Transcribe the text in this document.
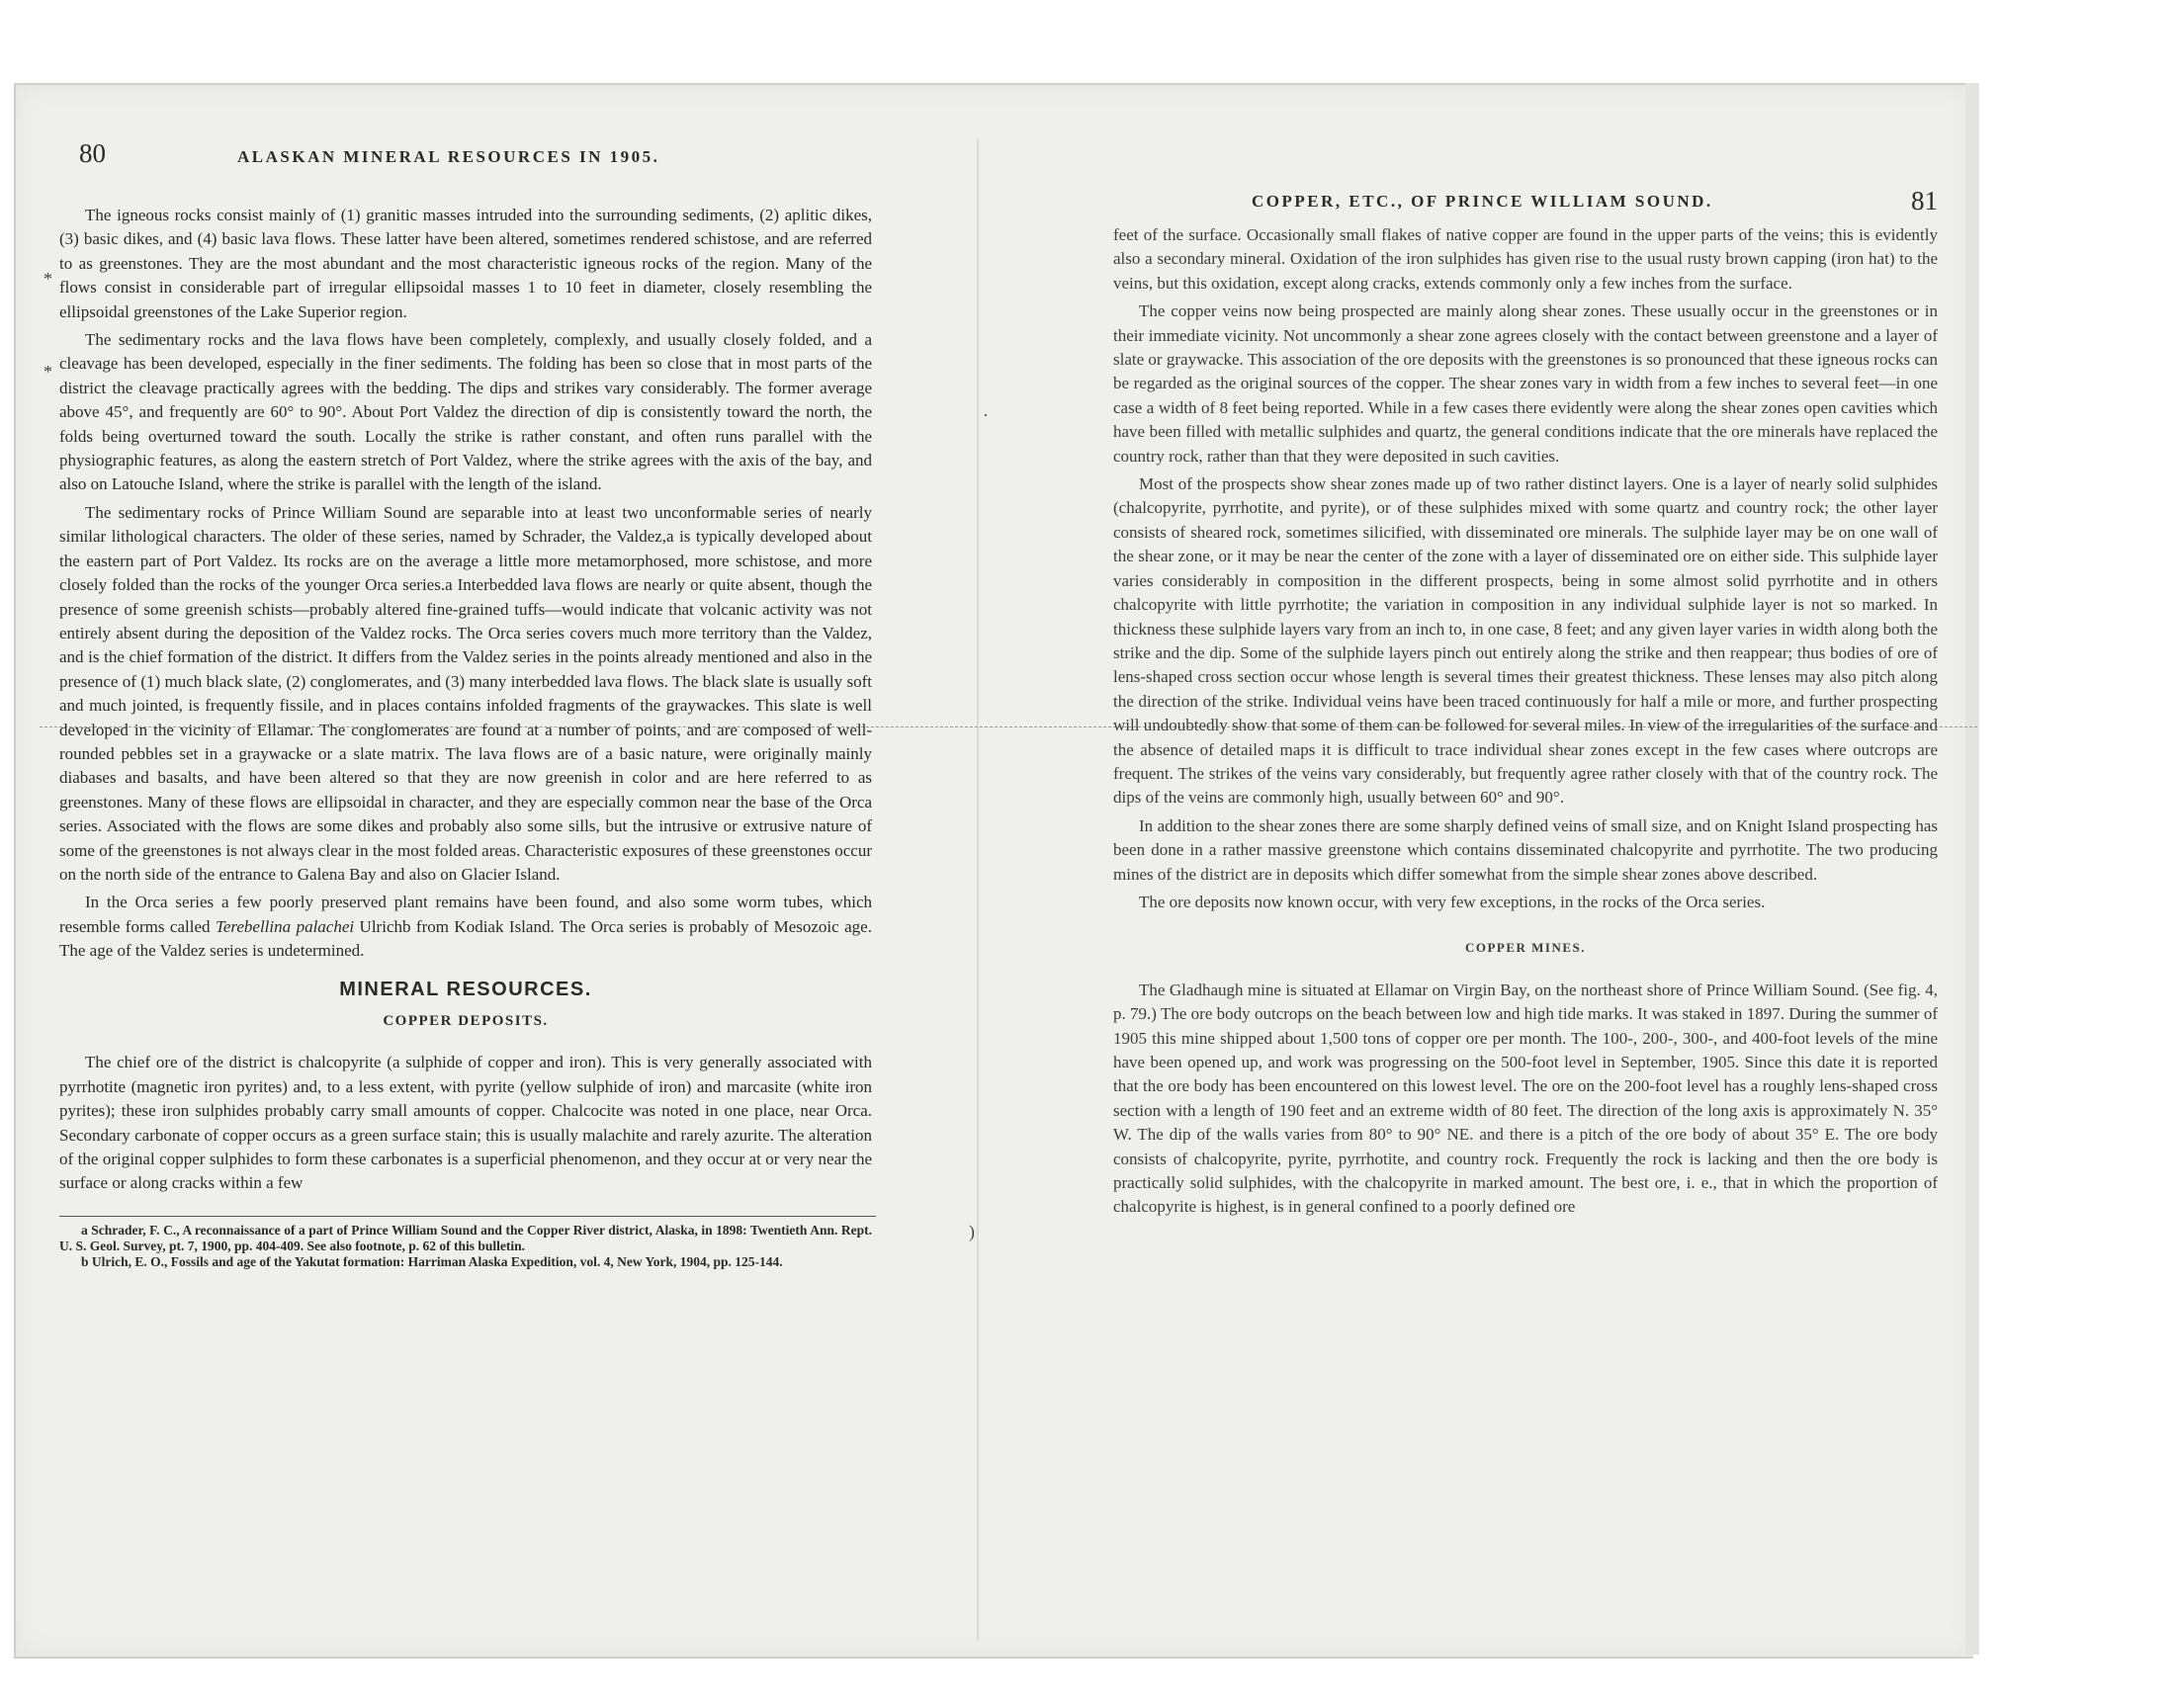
80	ALASKAN MINERAL RESOURCES IN 1905.

The igneous rocks consist mainly of (1) granitic masses intruded into the surrounding sediments, (2) aplitic dikes, (3) basic dikes, and (4) basic lava flows. These latter have been altered, sometimes rendered schistose, and are referred to as greenstones. They are the most abundant and the most characteristic igneous rocks of the region. Many of the flows consist in considerable part of irregular ellipsoidal masses 1 to 10 feet in diameter, closely resembling the ellipsoidal greenstones of the Lake Superior region.

The sedimentary rocks and the lava flows have been completely, complexly, and usually closely folded, and a cleavage has been developed, especially in the finer sediments. The folding has been so close that in most parts of the district the cleavage practically agrees with the bedding. The dips and strikes vary considerably. The former average above 45°, and frequently are 60° to 90°. About Port Valdez the direction of dip is consistently toward the north, the folds being overturned toward the south. Locally the strike is rather constant, and often runs parallel with the physiographic features, as along the eastern stretch of Port Valdez, where the strike agrees with the axis of the bay, and also on Latouche Island, where the strike is parallel with the length of the island.

The sedimentary rocks of Prince William Sound are separable into at least two unconformable series of nearly similar lithological characters. The older of these series, named by Schrader, the Valdez,a is typically developed about the eastern part of Port Valdez. Its rocks are on the average a little more metamorphosed, more schistose, and more closely folded than the rocks of the younger Orca series.a Interbedded lava flows are nearly or quite absent, though the presence of some greenish schists—probably altered fine-grained tuffs—would indicate that volcanic activity was not entirely absent during the deposition of the Valdez rocks. The Orca series covers much more territory than the Valdez, and is the chief formation of the district. It differs from the Valdez series in the points already mentioned and also in the presence of (1) much black slate, (2) conglomerates, and (3) many interbedded lava flows. The black slate is usually soft and much jointed, is frequently fissile, and in places contains infolded fragments of the graywackes. This slate is well developed in the vicinity of Ellamar. The conglomerates are found at a number of points, and are composed of well-rounded pebbles set in a graywacke or a slate matrix. The lava flows are of a basic nature, were originally mainly diabases and basalts, and have been altered so that they are now greenish in color and are here referred to as greenstones. Many of these flows are ellipsoidal in character, and they are especially common near the base of the Orca series. Associated with the flows are some dikes and probably also some sills, but the intrusive or extrusive nature of some of the greenstones is not always clear in the most folded areas. Characteristic exposures of these greenstones occur on the north side of the entrance to Galena Bay and also on Glacier Island.

In the Orca series a few poorly preserved plant remains have been found, and also some worm tubes, which resemble forms called Terebellina palachei Ulrichb from Kodiak Island. The Orca series is probably of Mesozoic age. The age of the Valdez series is undetermined.

MINERAL RESOURCES.
COPPER DEPOSITS.

The chief ore of the district is chalcopyrite (a sulphide of copper and iron). This is very generally associated with pyrrhotite (magnetic iron pyrites) and, to a less extent, with pyrite (yellow sulphide of iron) and marcasite (white iron pyrites); these iron sulphides probably carry small amounts of copper. Chalcocite was noted in one place, near Orca. Secondary carbonate of copper occurs as a green surface stain; this is usually malachite and rarely azurite. The alteration of the original copper sulphides to form these carbonates is a superficial phenomenon, and they occur at or very near the surface or along cracks within a few

a Schrader, F. C., A reconnaissance of a part of Prince William Sound and the Copper River district, Alaska, in 1898: Twentieth Ann. Rept. U. S. Geol. Survey, pt. 7, 1900, pp. 404-409. See also footnote, p. 62 of this bulletin.

b Ulrich, E. O., Fossils and age of the Yakutat formation: Harriman Alaska Expedition, vol. 4, New York, 1904, pp. 125-144.

COPPER, ETC., OF PRINCE WILLIAM SOUND.	81

feet of the surface. Occasionally small flakes of native copper are found in the upper parts of the veins; this is evidently also a secondary mineral. Oxidation of the iron sulphides has given rise to the usual rusty brown capping (iron hat) to the veins, but this oxidation, except along cracks, extends commonly only a few inches from the surface.

The copper veins now being prospected are mainly along shear zones. These usually occur in the greenstones or in their immediate vicinity. Not uncommonly a shear zone agrees closely with the contact between greenstone and a layer of slate or graywacke. This association of the ore deposits with the greenstones is so pronounced that these igneous rocks can be regarded as the original sources of the copper. The shear zones vary in width from a few inches to several feet—in one case a width of 8 feet being reported. While in a few cases there evidently were along the shear zones open cavities which have been filled with metallic sulphides and quartz, the general conditions indicate that the ore minerals have replaced the country rock, rather than that they were deposited in such cavities.

Most of the prospects show shear zones made up of two rather distinct layers. One is a layer of nearly solid sulphides (chalcopyrite, pyrrhotite, and pyrite), or of these sulphides mixed with some quartz and country rock; the other layer consists of sheared rock, sometimes silicified, with disseminated ore minerals. The sulphide layer may be on one wall of the shear zone, or it may be near the center of the zone with a layer of disseminated ore on either side. This sulphide layer varies considerably in composition in the different prospects, being in some almost solid pyrrhotite and in others chalcopyrite with little pyrrhotite; the variation in composition in any individual sulphide layer is not so marked. In thickness these sulphide layers vary from an inch to, in one case, 8 feet; and any given layer varies in width along both the strike and the dip. Some of the sulphide layers pinch out entirely along the strike and then reappear; thus bodies of ore of lens-shaped cross section occur whose length is several times their greatest thickness. These lenses may also pitch along the direction of the strike. Individual veins have been traced continuously for half a mile or more, and further prospecting will undoubtedly show that some of them can be followed for several miles. In view of the irregularities of the surface and the absence of detailed maps it is difficult to trace individual shear zones except in the few cases where outcrops are frequent. The strikes of the veins vary considerably, but frequently agree rather closely with that of the country rock. The dips of the veins are commonly high, usually between 60° and 90°.

In addition to the shear zones there are some sharply defined veins of small size, and on Knight Island prospecting has been done in a rather massive greenstone which contains disseminated chalcopyrite and pyrrhotite. The two producing mines of the district are in deposits which differ somewhat from the simple shear zones above described.

The ore deposits now known occur, with very few exceptions, in the rocks of the Orca series.

COPPER MINES.

The Gladhaugh mine is situated at Ellamar on Virgin Bay, on the northeast shore of Prince William Sound. (See fig. 4, p. 79.) The ore body outcrops on the beach between low and high tide marks. It was staked in 1897. During the summer of 1905 this mine shipped about 1,500 tons of copper ore per month. The 100-, 200-, 300-, and 400-foot levels of the mine have been opened up, and work was progressing on the 500-foot level in September, 1905. Since this date it is reported that the ore body has been encountered on this lowest level. The ore on the 200-foot level has a roughly lens-shaped cross section with a length of 190 feet and an extreme width of 80 feet. The direction of the long axis is approximately N. 35° W. The dip of the walls varies from 80° to 90° NE. and there is a pitch of the ore body of about 35° E. The ore body consists of chalcopyrite, pyrite, pyrrhotite, and country rock. Frequently the rock is lacking and then the ore body is practically solid sulphides, with the chalcopyrite in marked amount. The best ore, i. e., that in which the proportion of chalcopyrite is highest, is in general confined to a poorly defined ore

*
*
·
)
